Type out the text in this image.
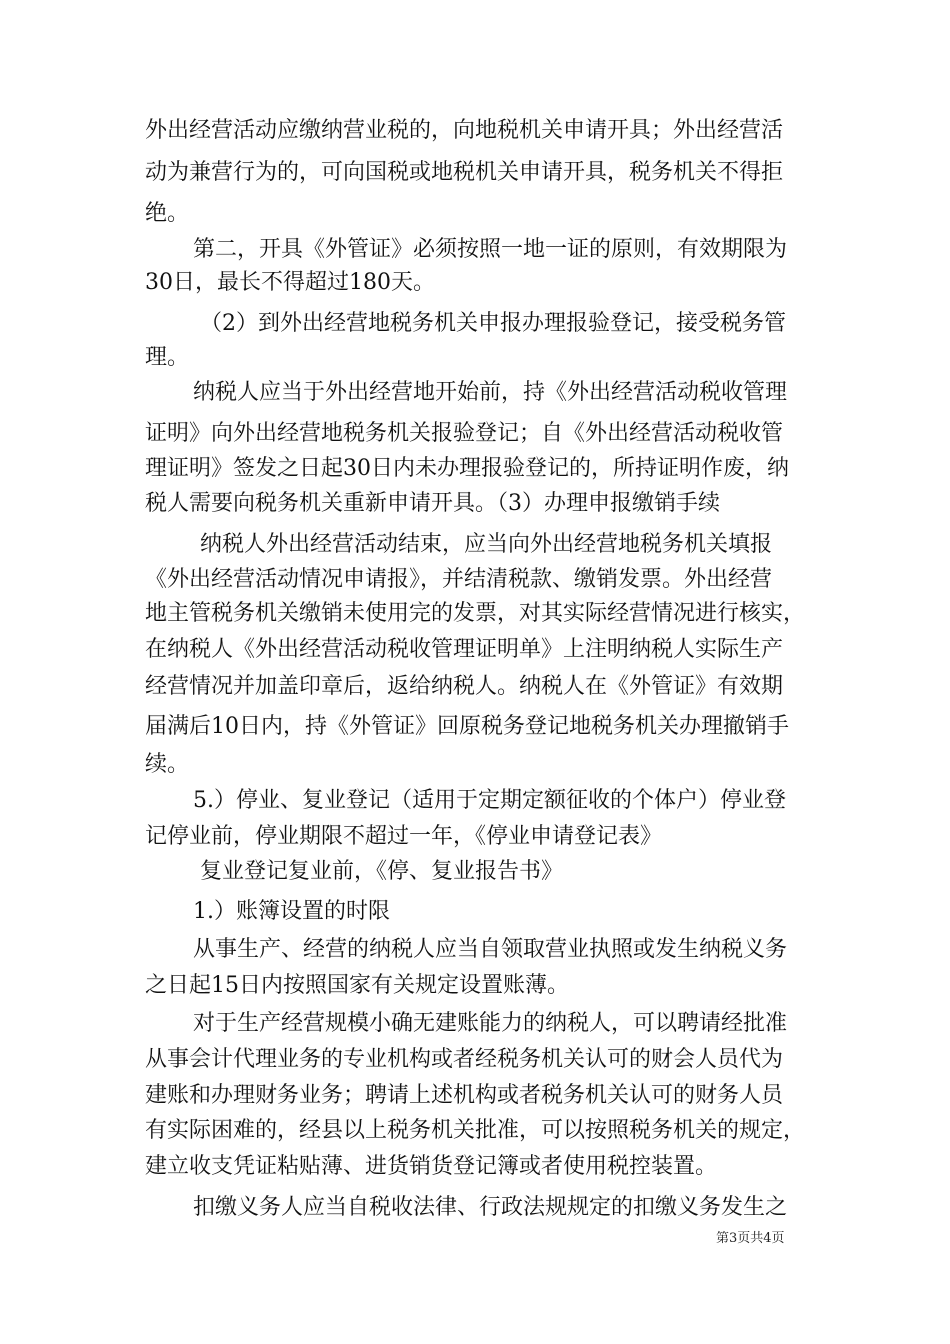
外出经营活动应缴纳营业税的，向地税机关申请开具；外出经营活
动为兼营行为的，可向国税或地税机关申请开具，税务机关不得拒
绝。
第二，开具《外管证》必须按照一地一证的原则，有效期限为
30日，最长不得超过180天。
（2）到外出经营地税务机关申报办理报验登记，接受税务管
理。
纳税人应当于外出经营地开始前，持《外出经营活动税收管理
证明》向外出经营地税务机关报验登记；自《外出经营活动税收管
理证明》签发之日起30日内未办理报验登记的，所持证明作废，纳
税人需要向税务机关重新申请开具。（3）办理申报缴销手续
纳税人外出经营活动结束，应当向外出经营地税务机关填报
《外出经营活动情况申请报》，并结清税款、缴销发票。外出经营
地主管税务机关缴销未使用完的发票，对其实际经营情况进行核实，
在纳税人《外出经营活动税收管理证明单》上注明纳税人实际生产
经营情况并加盖印章后，返给纳税人。纳税人在《外管证》有效期
届满后10日内，持《外管证》回原税务登记地税务机关办理撤销手
续。
5.）停业、复业登记（适用于定期定额征收的个体户）停业登
记停业前，停业期限不超过一年，《停业申请登记表》
复业登记复业前，《停、复业报告书》
1.）账簿设置的时限
从事生产、经营的纳税人应当自领取营业执照或发生纳税义务
之日起15日内按照国家有关规定设置账薄。
对于生产经营规模小确无建账能力的纳税人，可以聘请经批准
从事会计代理业务的专业机构或者经税务机关认可的财会人员代为
建账和办理财务业务；聘请上述机构或者税务机关认可的财务人员
有实际困难的，经县以上税务机关批准，可以按照税务机关的规定，
建立收支凭证粘贴薄、进货销货登记簿或者使用税控装置。
扣缴义务人应当自税收法律、行政法规规定的扣缴义务发生之
第3页共4页
